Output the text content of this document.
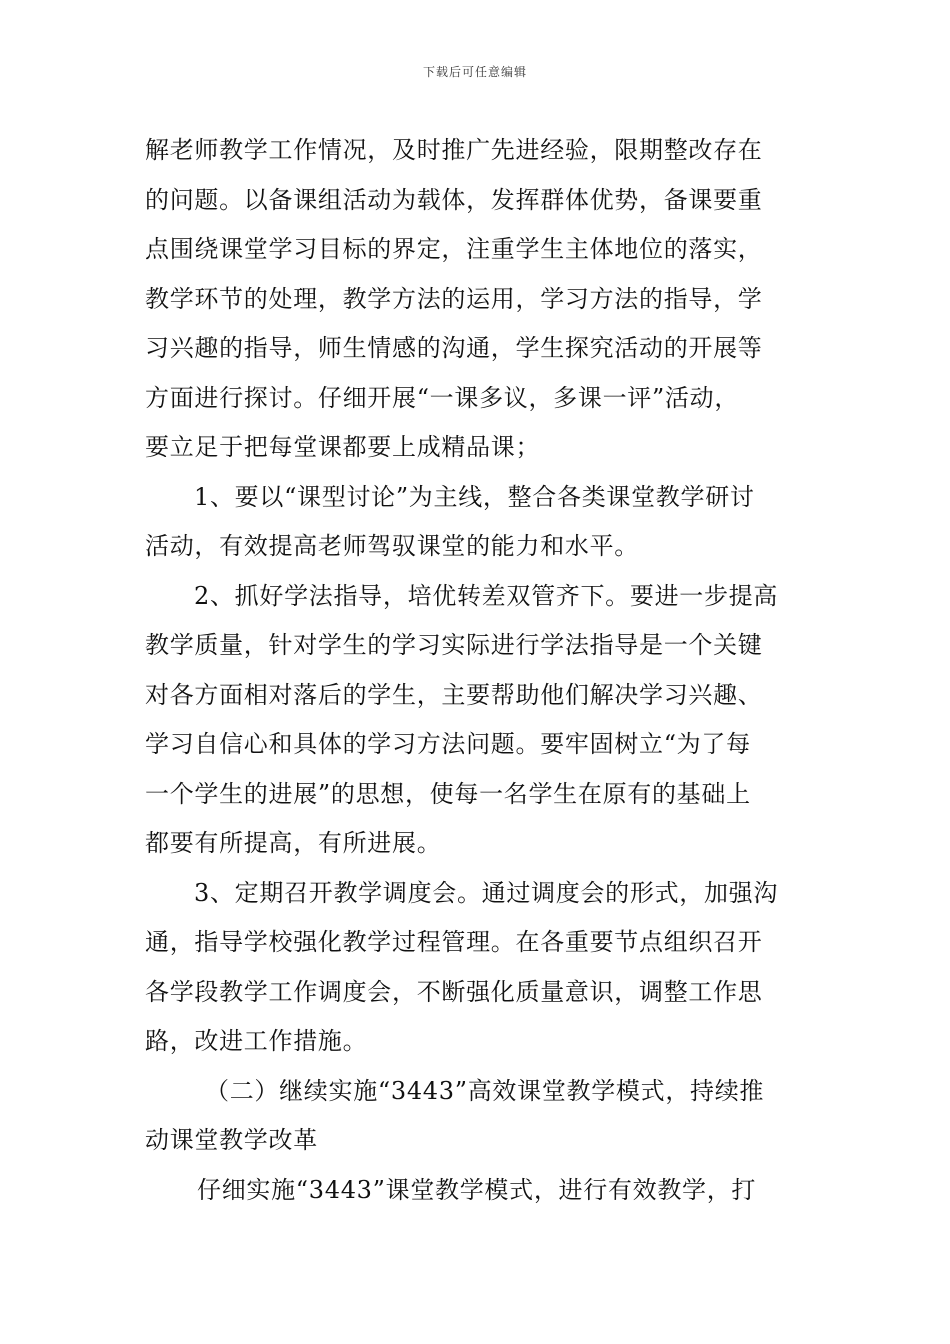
下载后可任意编辑
解老师教学工作情况，及时推广先进经验，限期整改存在
的问题。以备课组活动为载体，发挥群体优势，备课要重
点围绕课堂学习目标的界定，注重学生主体地位的落实，
教学环节的处理，教学方法的运用，学习方法的指导，学
习兴趣的指导，师生情感的沟通，学生探究活动的开展等
方面进行探讨。仔细开展“一课多议，多课一评”活动，
要立足于把每堂课都要上成精品课；
1、要以“课型讨论”为主线，整合各类课堂教学研讨
活动，有效提高老师驾驭课堂的能力和水平。
2、抓好学法指导，培优转差双管齐下。要进一步提高
教学质量，针对学生的学习实际进行学法指导是一个关键
对各方面相对落后的学生，主要帮助他们解决学习兴趣、
学习自信心和具体的学习方法问题。要牢固树立“为了每
一个学生的进展”的思想，使每一名学生在原有的基础上
都要有所提高，有所进展。
3、定期召开教学调度会。通过调度会的形式，加强沟
通，指导学校强化教学过程管理。在各重要节点组织召开
各学段教学工作调度会，不断强化质量意识，调整工作思
路，改进工作措施。
（二）继续实施“3443”高效课堂教学模式，持续推
动课堂教学改革
仔细实施“3443”课堂教学模式，进行有效教学，打
